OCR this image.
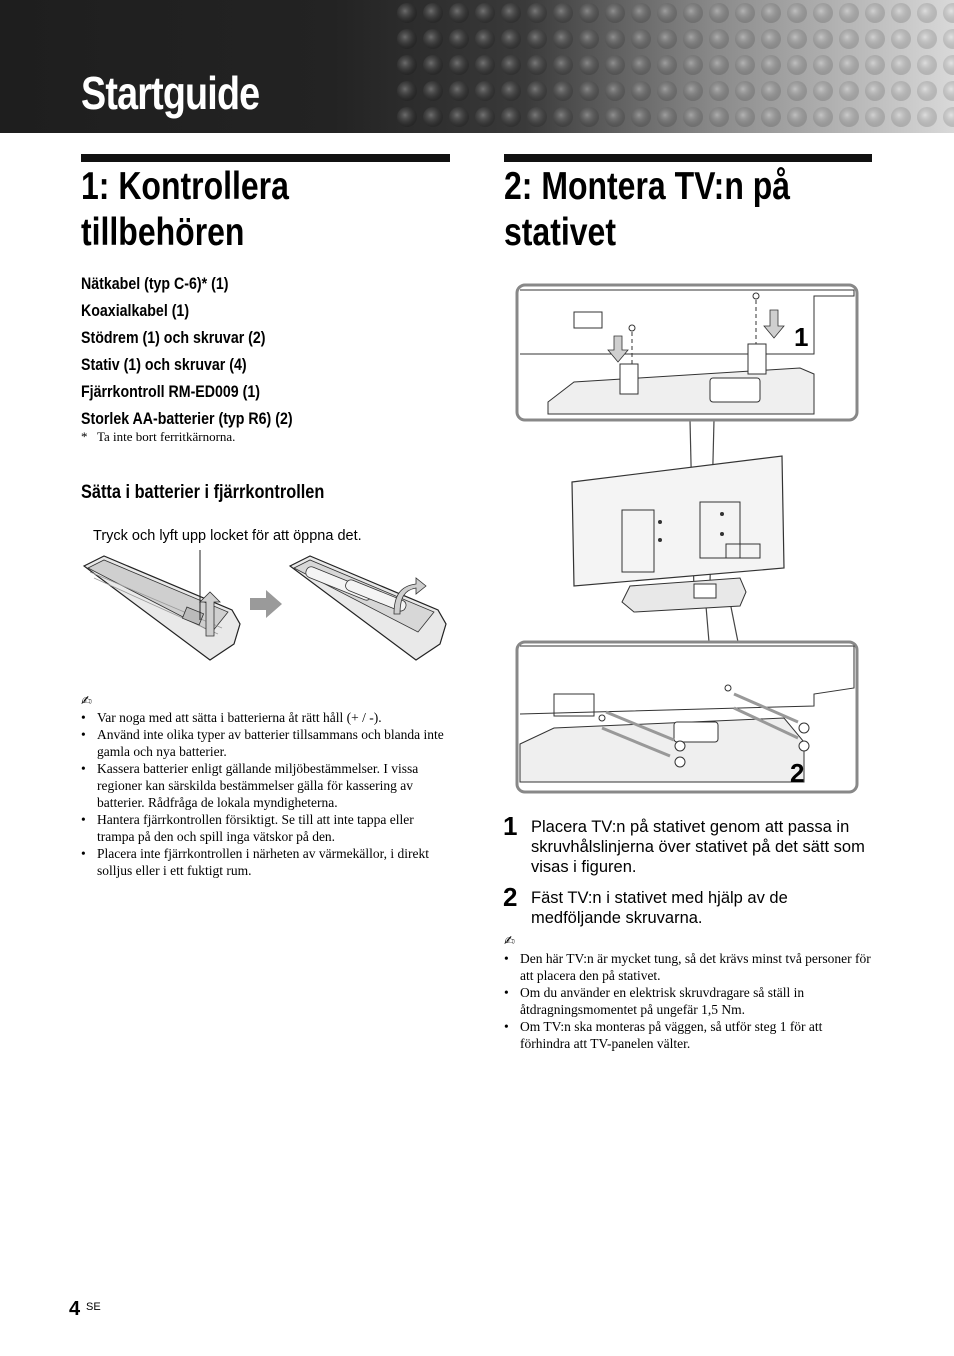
Startguide
1: Kontrollera
tillbehören
Nätkabel (typ C-6)* (1)
Koaxialkabel (1)
Stödrem (1) och skruvar (2)
Stativ (1) och skruvar (4)
Fjärrkontroll RM-ED009 (1)
Storlek AA-batterier (typ R6) (2)
* Ta inte bort ferritkärnorna.
Sätta i batterier i fjärrkontrollen
Tryck och lyft upp locket för att öppna det.
✍
• Var noga med att sätta i batterierna åt rätt håll (+ / -).
• Använd inte olika typer av batterier tillsammans och blanda inte gamla och nya batterier.
• Kassera batterier enligt gällande miljöbestämmelser. I vissa regioner kan särskilda bestämmelser gälla för kassering av batterier. Rådfråga de lokala myndigheterna.
• Hantera fjärrkontrollen försiktigt. Se till att inte tappa eller trampa på den och spill inga vätskor på den.
• Placera inte fjärrkontrollen i närheten av värmekällor, i direkt solljus eller i ett fuktigt rum.
2: Montera TV:n på
stativet
1
2
1 Placera TV:n på stativet genom att passa in skruvhålslinjerna över stativet på det sätt som visas i figuren.
2 Fäst TV:n i stativet med hjälp av de medföljande skruvarna.
✍
• Den här TV:n är mycket tung, så det krävs minst två personer för att placera den på stativet.
• Om du använder en elektrisk skruvdragare så ställ in åtdragningsmomentet på ungefär 1,5 Nm.
• Om TV:n ska monteras på väggen, så utför steg 1 för att förhindra att TV-panelen välter.
4 SE
